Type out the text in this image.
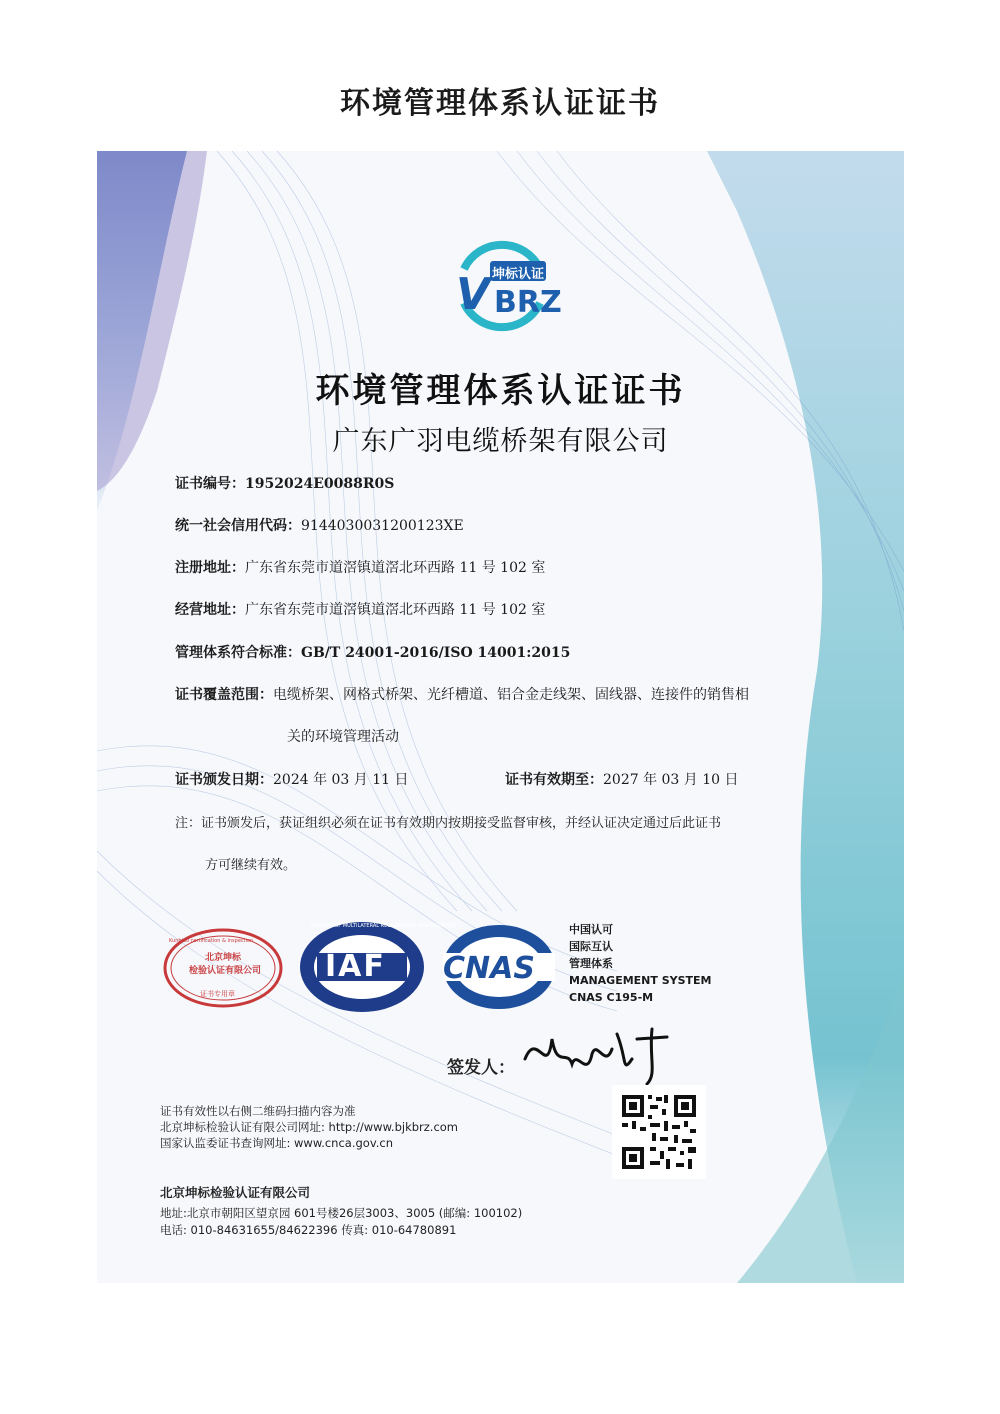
环境管理体系认证证书
坤标认证
V BRZ
环境管理体系认证证书
广东广羽电缆桥架有限公司
证书编号：1952024E0088R0S
统一社会信用代码：91440300312001​23XE
注册地址：广东省东莞市道滘镇道滘北环西路 11 号 102 室
经营地址：广东省东莞市道滘镇道滘北环西路 11 号 102 室
管理体系符合标准：GB/T 24001-2016/ISO 14001:2015
证书覆盖范围：电缆桥架、网格式桥架、光纤槽道、铝合金走线架、固线器、连接件的销售相
关的环境管理活动
证书颁发日期：2024 年 03 月 11 日	证书有效期至：2027 年 03 月 10 日
注：证书颁发后，获证组织必须在证书有效期内按期接受监督审核，并经认证决定通过后此证书
方可继续有效。
北京坤标
检验认证有限公司
Kunbiao certification & inspection
证书专用章
IAF
MEMBER OF MULTILATERAL RECOGNITION ARRANGEMENT
CNAS
中国认可
国际互认
管理体系
MANAGEMENT SYSTEM
CNAS C195-M
签发人：
证书有效性以右侧二维码扫描内容为准
北京坤标检验认证有限公司网址: http://www.bjkbrz.com
国家认监委证书查询网址: www.cnca.gov.cn
北京坤标检验认证有限公司
地址:北京市朝阳区望京园 601号楼26层3003、3005 (邮编: 100102)
电话: 010-84631655/84622396 传真: 010-64780891
